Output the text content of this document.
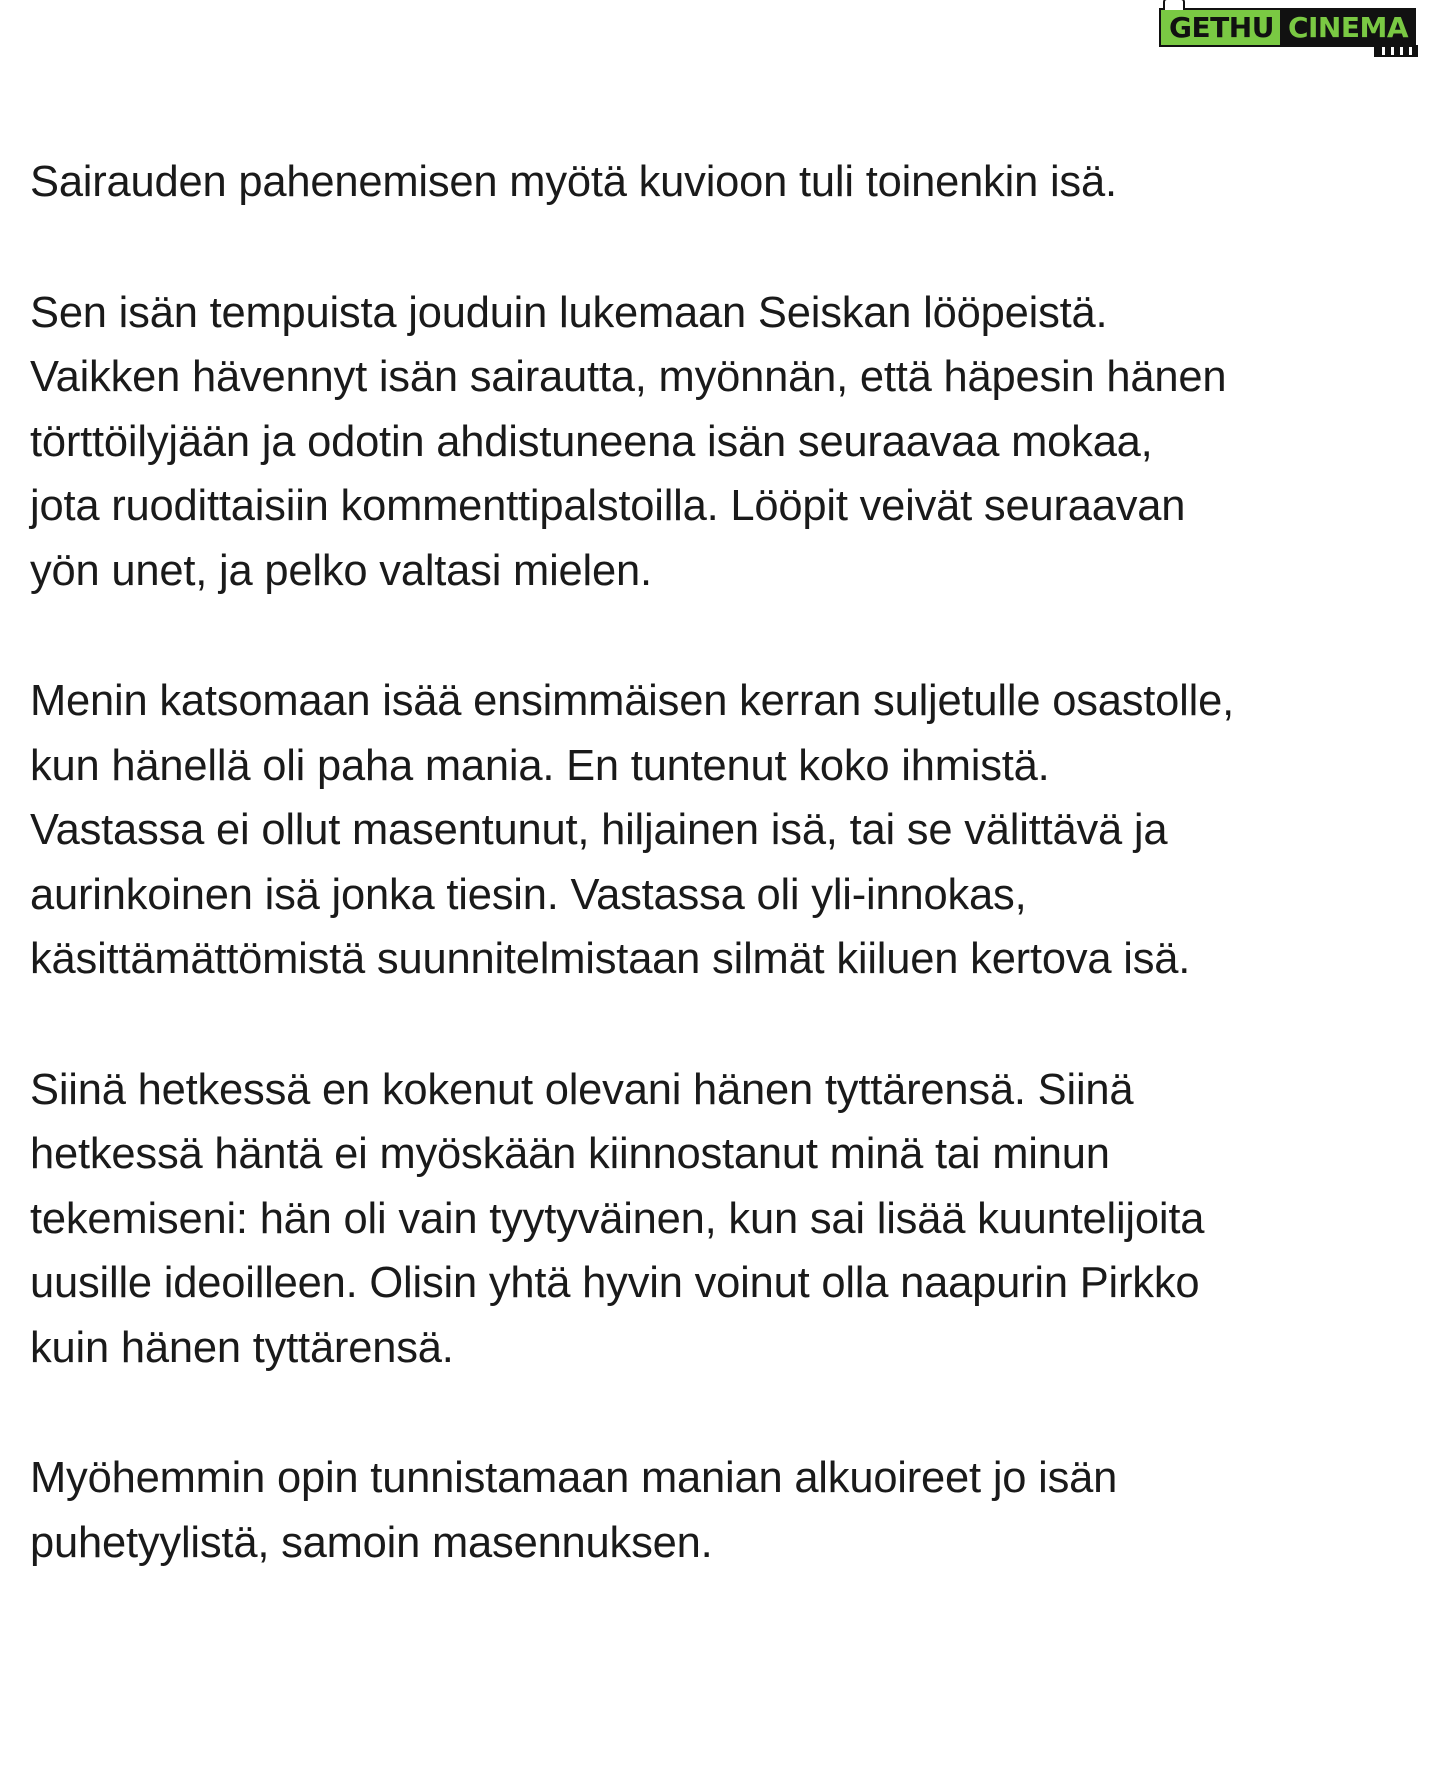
GETHU CINEMA

Sairauden pahenemisen myötä kuvioon tuli toinenkin isä.

Sen isän tempuista jouduin lukemaan Seiskan lööpeistä.
Vaikken hävennyt isän sairautta, myönnän, että häpesin hänen
törttöilyjään ja odotin ahdistuneena isän seuraavaa mokaa,
jota ruodittaisiin kommenttipalstoilla. Lööpit veivät seuraavan
yön unet, ja pelko valtasi mielen.

Menin katsomaan isää ensimmäisen kerran suljetulle osastolle,
kun hänellä oli paha mania. En tuntenut koko ihmistä.
Vastassa ei ollut masentunut, hiljainen isä, tai se välittävä ja
aurinkoinen isä jonka tiesin. Vastassa oli yli-innokas,
käsittämättömistä suunnitelmistaan silmät kiiluen kertova isä.

Siinä hetkessä en kokenut olevani hänen tyttärensä. Siinä
hetkessä häntä ei myöskään kiinnostanut minä tai minun
tekemiseni: hän oli vain tyytyväinen, kun sai lisää kuuntelijoita
uusille ideoilleen. Olisin yhtä hyvin voinut olla naapurin Pirkko
kuin hänen tyttärensä.

Myöhemmin opin tunnistamaan manian alkuoireet jo isän
puhetyylistä, samoin masennuksen.
